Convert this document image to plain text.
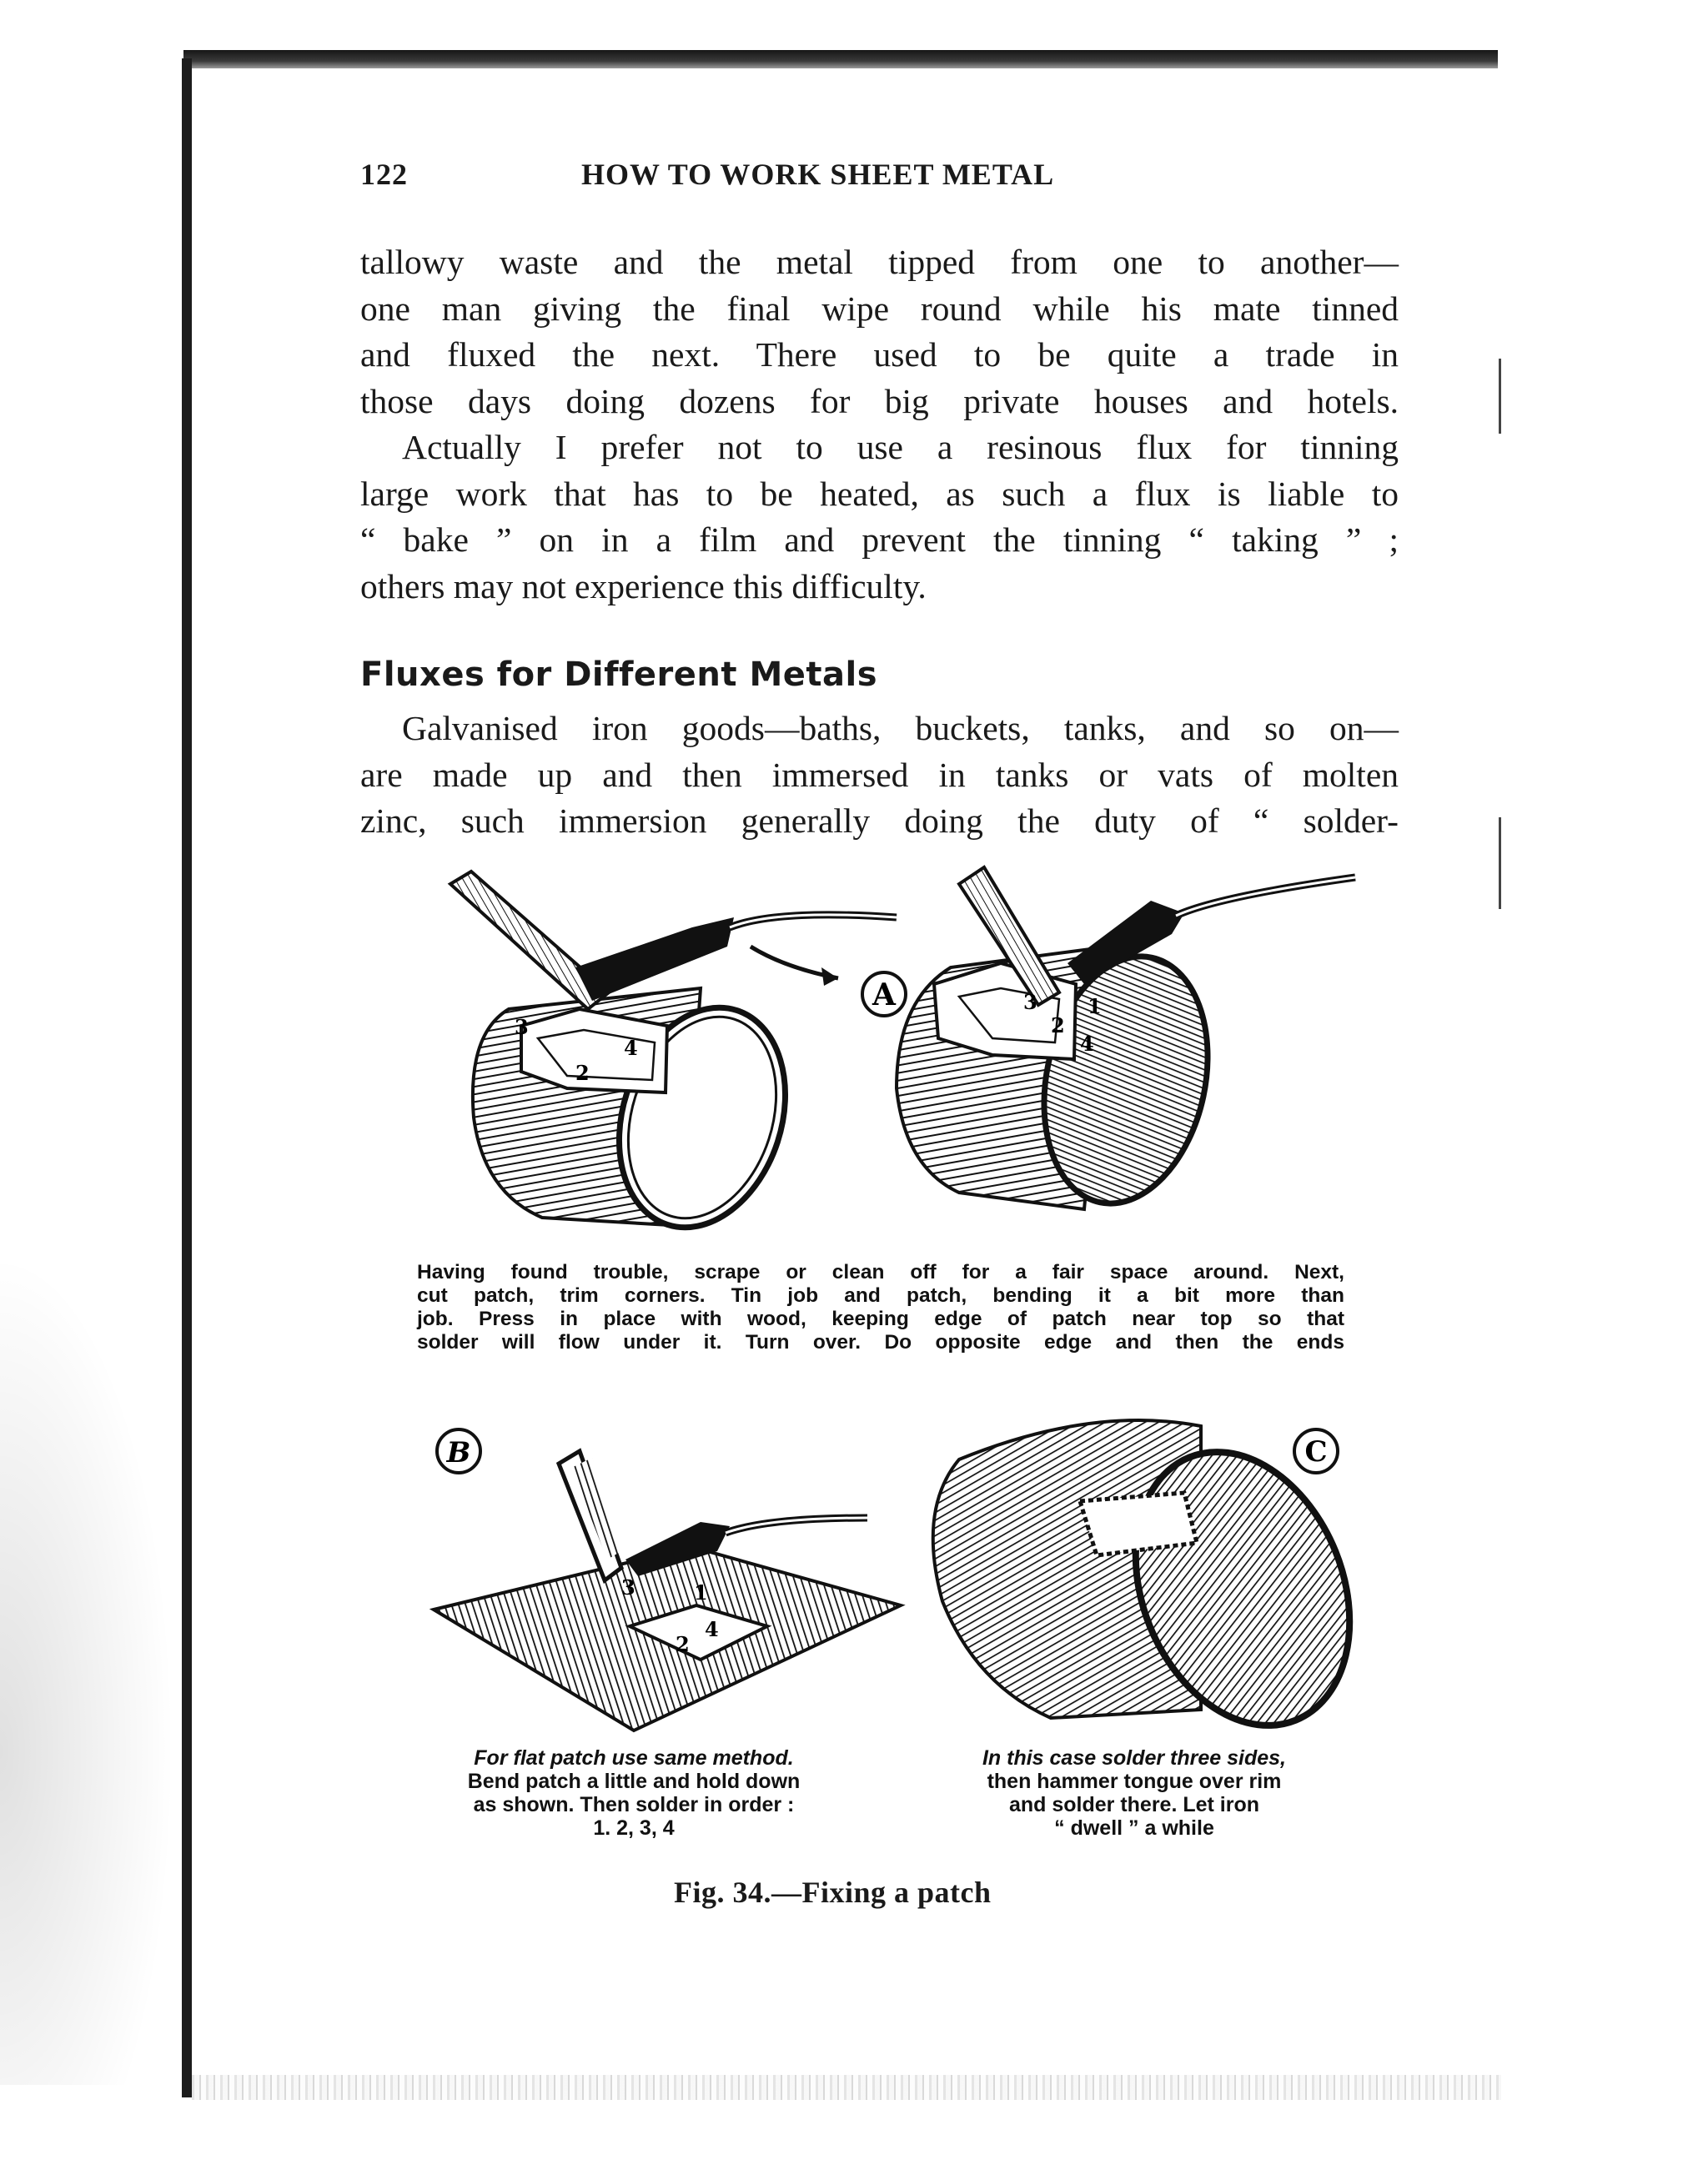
122	HOW TO WORK SHEET METAL
tallowy waste and the metal tipped from one to another—
one man giving the final wipe round while his mate tinned
and fluxed the next. There used to be quite a trade in
those days doing dozens for big private houses and hotels.
Actually I prefer not to use a resinous flux for tinning
large work that has to be heated, as such a flux is liable to
“ bake ” on in a film and prevent the tinning “ taking ” ;
others may not experience this difficulty.
Fluxes for Different Metals
Galvanised iron goods—baths, buckets, tanks, and so on—
are made up and then immersed in tanks or vats of molten
zinc, such immersion generally doing the duty of “ solder-
A
3
2
4
3
2
4
1
Having found trouble, scrape or clean off for a fair space around. Next,
cut patch, trim corners. Tin job and patch, bending it a bit more than
job. Press in place with wood, keeping edge of patch near top so that
solder will flow under it. Turn over. Do opposite edge and then the ends
B
3
2
4
1
C
For flat patch use same method.
Bend patch a little and hold down
as shown. Then solder in order :
1. 2, 3, 4
In this case solder three sides,
then hammer tongue over rim
and solder there. Let iron
“ dwell ” a while
Fig. 34.—Fixing a patch
